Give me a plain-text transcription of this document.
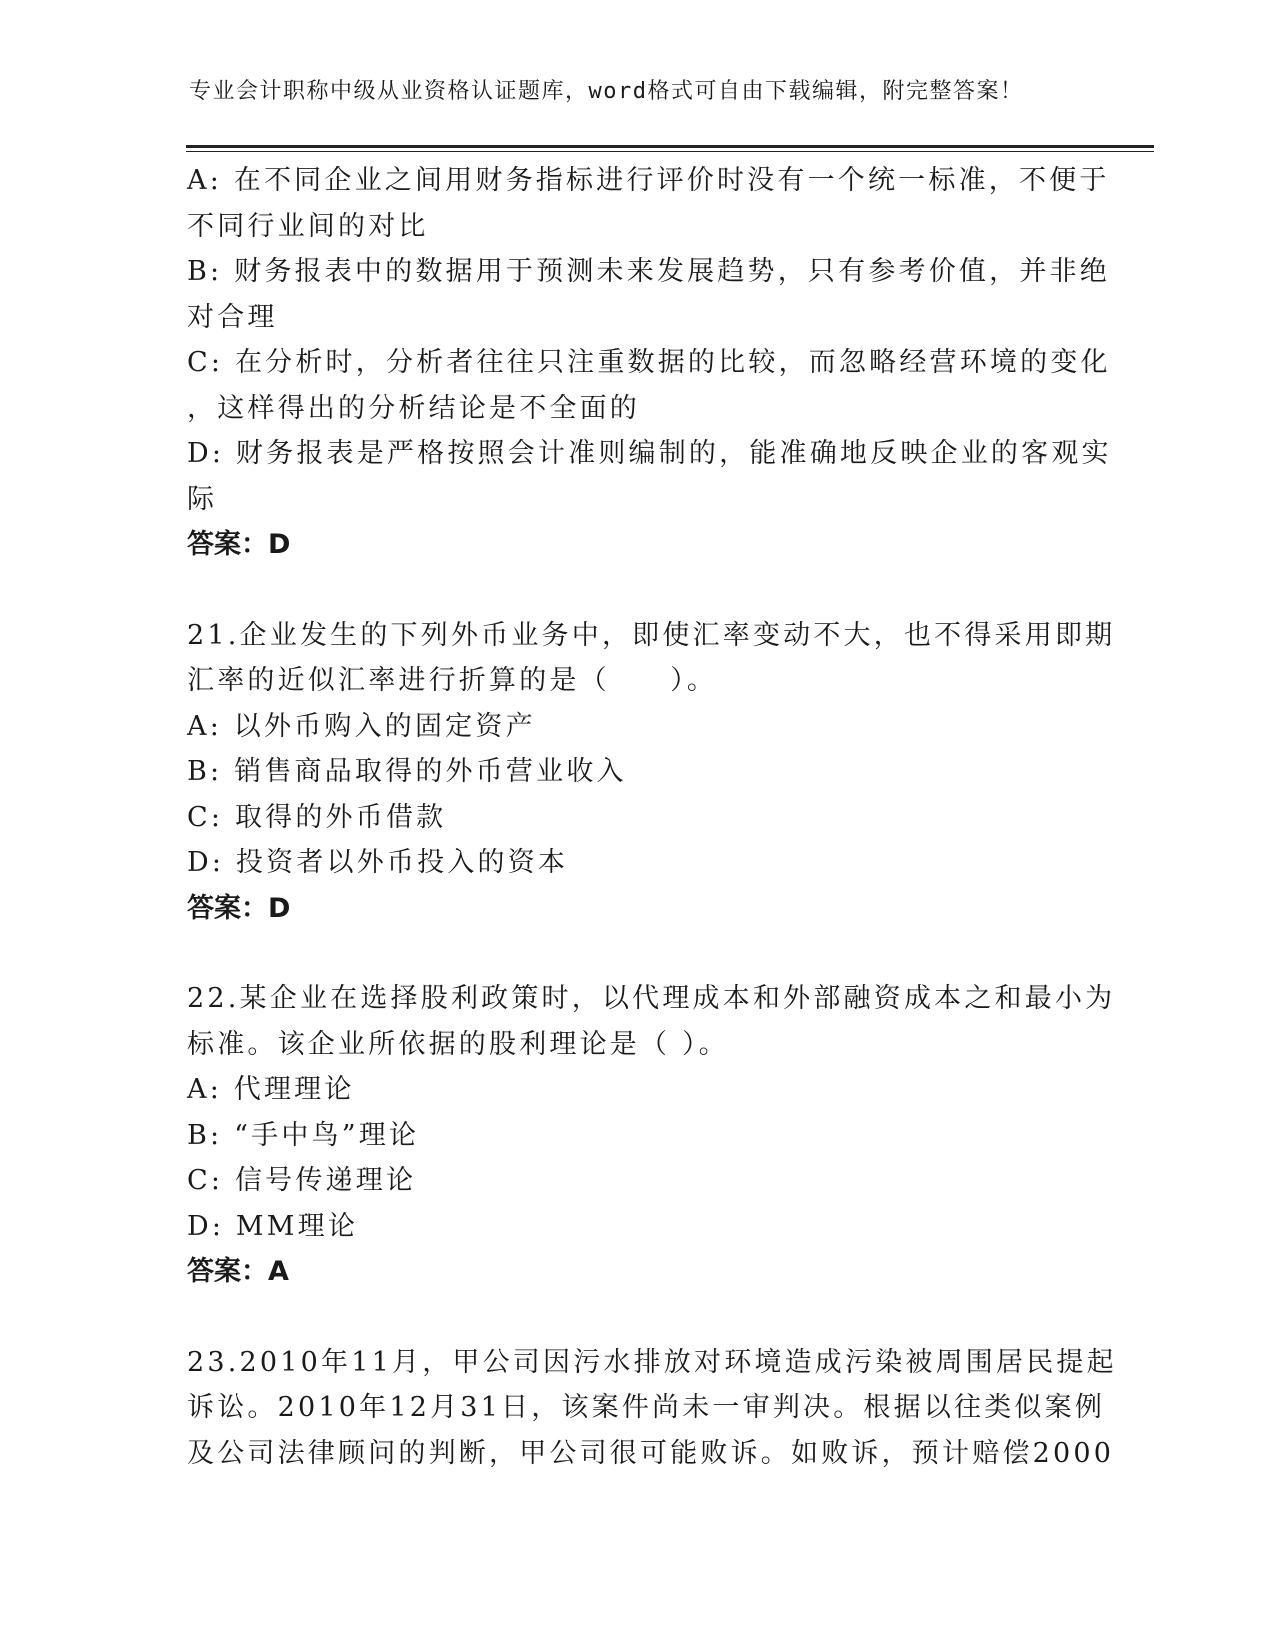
专业会计职称中级从业资格认证题库，word格式可自由下载编辑，附完整答案！
A: 在不同企业之间用财务指标进行评价时没有一个统一标准，不便于
不同行业间的对比
B: 财务报表中的数据用于预测未来发展趋势，只有参考价值，并非绝
对合理
C: 在分析时，分析者往往只注重数据的比较，而忽略经营环境的变化
，这样得出的分析结论是不全面的
D: 财务报表是严格按照会计准则编制的，能准确地反映企业的客观实
际
答案：D
21.企业发生的下列外币业务中，即使汇率变动不大，也不得采用即期
汇率的近似汇率进行折算的是（　　）。
A: 以外币购入的固定资产
B: 销售商品取得的外币营业收入
C: 取得的外币借款
D: 投资者以外币投入的资本
答案：D
22.某企业在选择股利政策时，以代理成本和外部融资成本之和最小为
标准。该企业所依据的股利理论是（ ）。
A: 代理理论
B: “手中鸟”理论
C: 信号传递理论
D: MM理论
答案：A
23.2010年11月，甲公司因污水排放对环境造成污染被周围居民提起
诉讼。2010年12月31日，该案件尚未一审判决。根据以往类似案例
及公司法律顾问的判断，甲公司很可能败诉。如败诉，预计赔偿2000
